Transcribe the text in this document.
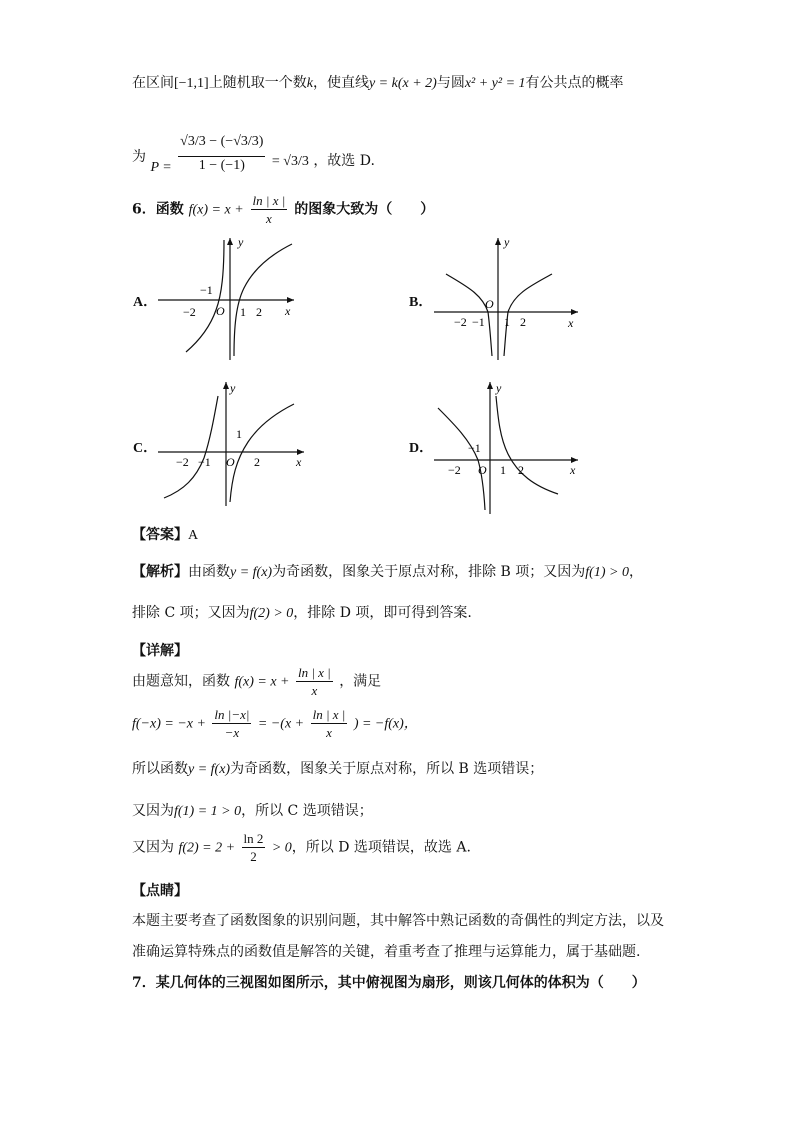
在区间[−1,1]上随机取一个数k，使直线y = k(x + 2)与圆x² + y² = 1有公共点的概率
为 $P = \frac{√3/3 - (-√3/3)}{1 - (-1)} = √3/3$ ，故选 D.
6．函数 $f(x) = x + \frac{\ln | x |}{x}$ 的图象大致为（　　）
A．	B．
C．	D．
y
x
O
−2
−1
1 2
y
x
O
−2 −1 1 2
y
x
O
−2 −1
1
2
y
x
O
−2
−1
1 2
【答案】A
【解析】由函数y = f(x)为奇函数，图象关于原点对称，排除 B 项；又因为f(1) > 0，
排除 C 项；又因为f(2) > 0，排除 D 项，即可得到答案.
【详解】
由题意知，函数 $f(x) = x + \frac{\ln | x |}{x}$ ，满足
$f(-x) = -x + \frac{\ln |-x|}{-x} = -(x + \frac{\ln | x |}{x}$ ) = −f(x)，
所以函数y = f(x)为奇函数，图象关于原点对称，所以 B 选项错误；
又因为f(1) = 1 > 0，所以 C 选项错误；
又因为 $f(2) = 2 + \frac{\ln 2}{2} > 0$，所以 D 选项错误，故选 A.
【点睛】
本题主要考查了函数图象的识别问题，其中解答中熟记函数的奇偶性的判定方法，以及
准确运算特殊点的函数值是解答的关键，着重考查了推理与运算能力，属于基础题.
7．某几何体的三视图如图所示，其中俯视图为扇形，则该几何体的体积为（　　）
